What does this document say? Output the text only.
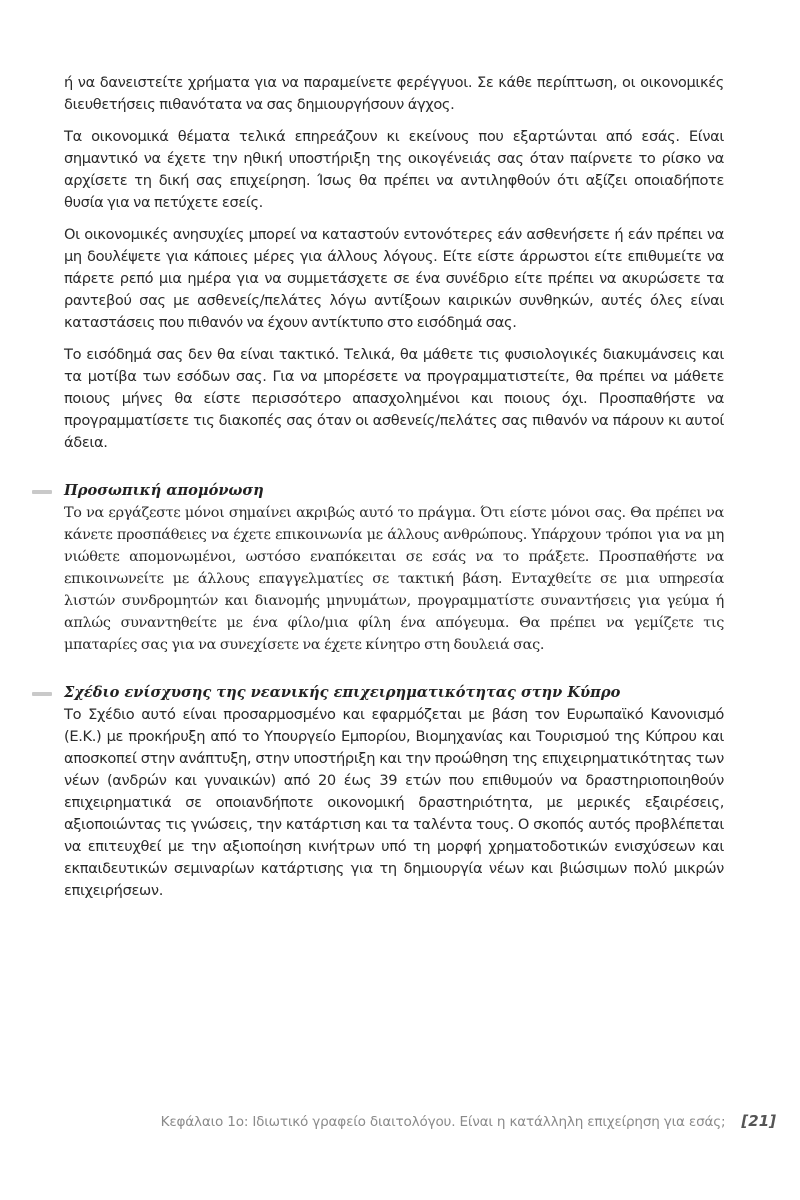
ή να δανειστείτε χρήματα για να παραμείνετε φερέγγυοι. Σε κάθε περίπτωση, οι οικονομικές διευθετήσεις πιθανότατα να σας δημιουργήσουν άγχος.

Τα οικονομικά θέματα τελικά επηρεάζουν κι εκείνους που εξαρτώνται από εσάς. Είναι σημαντικό να έχετε την ηθική υποστήριξη της οικογένειάς σας όταν παίρνετε το ρίσκο να αρχίσετε τη δική σας επιχείρηση. Ίσως θα πρέπει να αντιληφθούν ότι αξίζει οποιαδήποτε θυσία για να πετύχετε εσείς.

Οι οικονομικές ανησυχίες μπορεί να καταστούν εντονότερες εάν ασθενήσετε ή εάν πρέπει να μη δουλέψετε για κάποιες μέρες για άλλους λόγους. Είτε είστε άρρωστοι είτε επιθυμείτε να πάρετε ρεπό μια ημέρα για να συμμετάσχετε σε ένα συνέδριο είτε πρέπει να ακυρώσετε τα ραντεβού σας με ασθενείς/πελάτες λόγω αντίξοων καιρικών συνθηκών, αυτές όλες είναι καταστάσεις που πιθανόν να έχουν αντίκτυπο στο εισόδημά σας.

Το εισόδημά σας δεν θα είναι τακτικό. Τελικά, θα μάθετε τις φυσιολογικές διακυμάνσεις και τα μοτίβα των εσόδων σας. Για να μπορέσετε να προγραμματιστείτε, θα πρέπει να μάθετε ποιους μήνες θα είστε περισσότερο απασχολημένοι και ποιους όχι. Προσπαθήστε να προγραμματίσετε τις διακοπές σας όταν οι ασθενείς/πελάτες σας πιθανόν να πάρουν κι αυτοί άδεια.

Προσωπική απομόνωση

Το να εργάζεστε μόνοι σημαίνει ακριβώς αυτό το πράγμα. Ότι είστε μόνοι σας. Θα πρέπει να κάνετε προσπάθειες να έχετε επικοινωνία με άλλους ανθρώπους. Υπάρχουν τρόποι για να μη νιώθετε απομονωμένοι, ωστόσο εναπόκειται σε εσάς να το πράξετε. Προσπαθήστε να επικοινωνείτε με άλλους επαγγελματίες σε τακτική βάση. Ενταχθείτε σε μια υπηρεσία λιστών συνδρομητών και διανομής μηνυμάτων, προγραμματίστε συναντήσεις για γεύμα ή απλώς συναντηθείτε με ένα φίλο/μια φίλη ένα απόγευμα. Θα πρέπει να γεμίζετε τις μπαταρίες σας για να συνεχίσετε να έχετε κίνητρο στη δουλειά σας.

Σχέδιο ενίσχυσης της νεανικής επιχειρηματικότητας στην Κύπρο

Το Σχέδιο αυτό είναι προσαρμοσμένο και εφαρμόζεται με βάση τον Ευρωπαϊκό Κανονισμό (Ε.Κ.) με προκήρυξη από το Υπουργείο Εμπορίου, Βιομηχανίας και Τουρισμού της Κύπρου και αποσκοπεί στην ανάπτυξη, στην υποστήριξη και την προώθηση της επιχειρηματικότητας των νέων (ανδρών και γυναικών) από 20 έως 39 ετών που επιθυμούν να δραστηριοποιηθούν επιχειρηματικά σε οποιανδήποτε οικονομική δραστηριότητα, με μερικές εξαιρέσεις, αξιοποιώντας τις γνώσεις, την κατάρτιση και τα ταλέντα τους. Ο σκοπός αυτός προβλέπεται να επιτευχθεί με την αξιοποίηση κινήτρων υπό τη μορφή χρηματοδοτικών ενισχύσεων και εκπαιδευτικών σεμιναρίων κατάρτισης για τη δημιουργία νέων και βιώσιμων πολύ μικρών επιχειρήσεων.

Κεφάλαιο 1ο: Ιδιωτικό γραφείο διαιτολόγου. Είναι η κατάλληλη επιχείρηση για εσάς; [21]
